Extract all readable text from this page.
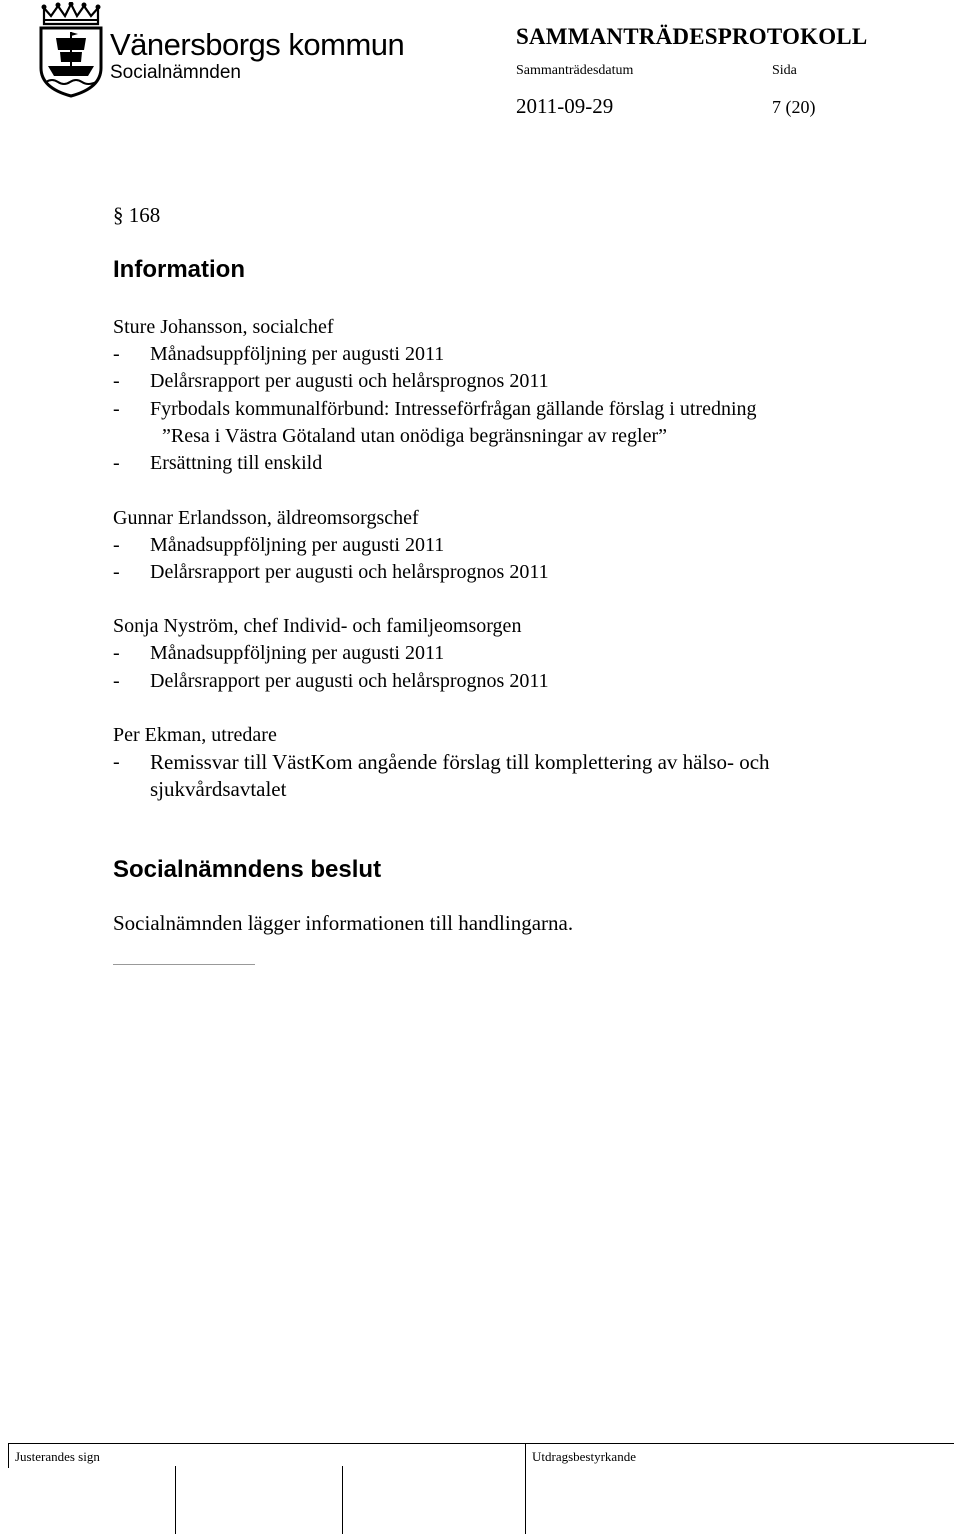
Vänersborgs kommun
Socialnämnden
SAMMANTRÄDESPROTOKOLL
Sammanträdesdatum	Sida
2011-09-29	7 (20)
§ 168
Information
Sture Johansson, socialchef
- Månadsuppföljning per augusti 2011
- Delårsrapport per augusti och helårsprognos 2011
- Fyrbodals kommunalförbund: Intresseförfrågan gällande förslag i utredning
”Resa i Västra Götaland utan onödiga begränsningar av regler”
- Ersättning till enskild
Gunnar Erlandsson, äldreomsorgschef
- Månadsuppföljning per augusti 2011
- Delårsrapport per augusti och helårsprognos 2011
Sonja Nyström, chef Individ- och familjeomsorgen
- Månadsuppföljning per augusti 2011
- Delårsrapport per augusti och helårsprognos 2011
Per Ekman, utredare
- Remissvar till VästKom angående förslag till komplettering av hälso- och
sjukvårdsavtalet
Socialnämndens beslut
Socialnämnden lägger informationen till handlingarna.
Justerandes sign	Utdragsbestyrkande
